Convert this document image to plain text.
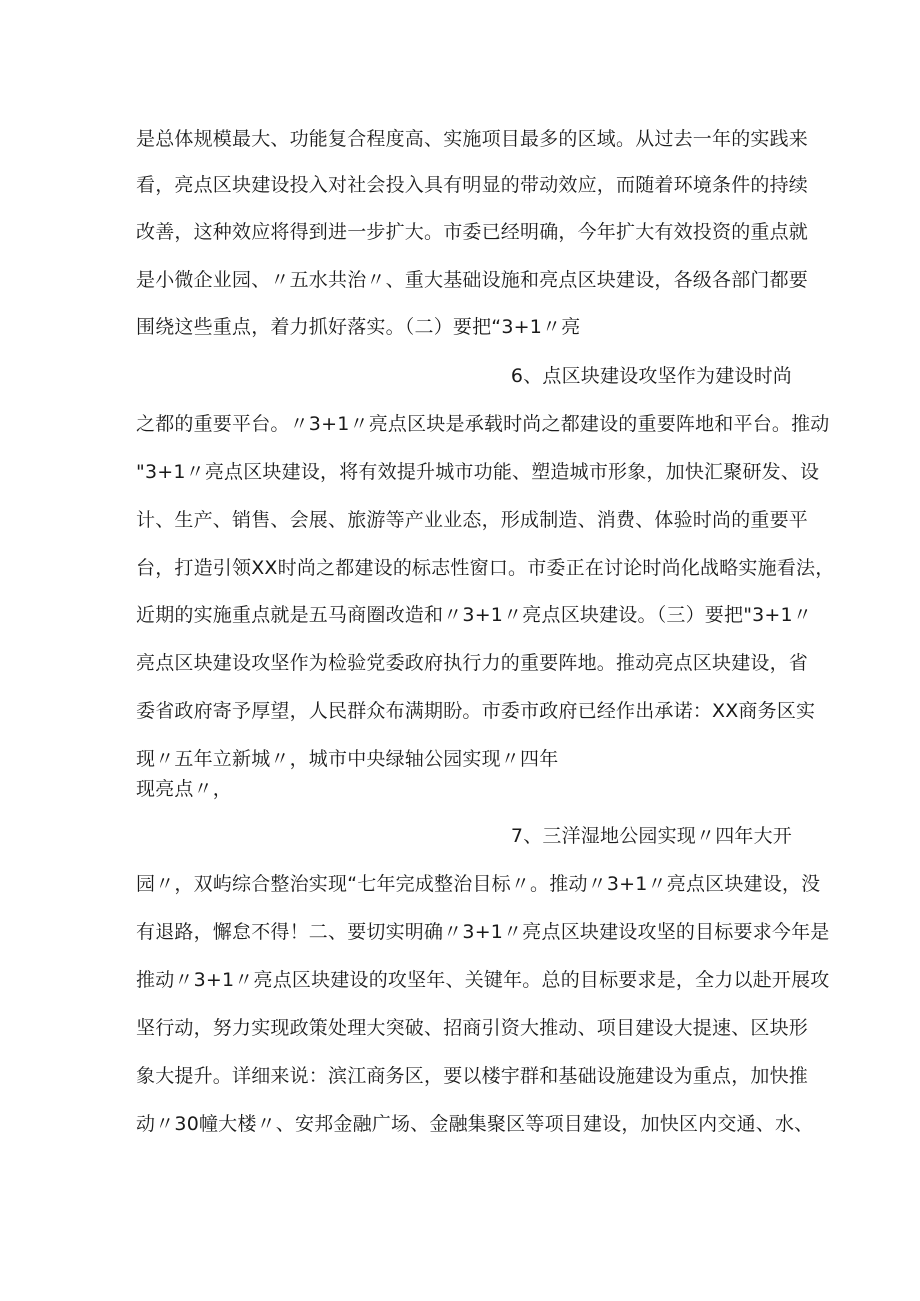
是总体规模最大、功能复合程度高、实施项目最多的区域。从过去一年的实践来
看，亮点区块建设投入对社会投入具有明显的带动效应，而随着环境条件的持续
改善，这种效应将得到进一步扩大。市委已经明确，今年扩大有效投资的重点就
是小微企业园、〃五水共治〃、重大基础设施和亮点区块建设，各级各部门都要
围绕这些重点，着力抓好落实。（二）要把“3+1〃亮
6、点区块建设攻坚作为建设时尚
之都的重要平台。〃3+1〃亮点区块是承载时尚之都建设的重要阵地和平台。推动
"3+1〃亮点区块建设，将有效提升城市功能、塑造城市形象，加快汇聚研发、设
计、生产、销售、会展、旅游等产业业态，形成制造、消费、体验时尚的重要平
台，打造引领XX时尚之都建设的标志性窗口。市委正在讨论时尚化战略实施看法，
近期的实施重点就是五马商圈改造和〃3+1〃亮点区块建设。（三）要把"3+1〃
亮点区块建设攻坚作为检验党委政府执行力的重要阵地。推动亮点区块建设，省
委省政府寄予厚望，人民群众布满期盼。市委市政府已经作出承诺：XX商务区实
现〃五年立新城〃，城市中央绿轴公园实现〃四年
现亮点〃，
7、三洋湿地公园实现〃四年大开
园〃，双屿综合整治实现“七年完成整治目标〃。推动〃3+1〃亮点区块建设，没
有退路，懈怠不得！二、要切实明确〃3+1〃亮点区块建设攻坚的目标要求今年是
推动〃3+1〃亮点区块建设的攻坚年、关键年。总的目标要求是，全力以赴开展攻
坚行动，努力实现政策处理大突破、招商引资大推动、项目建设大提速、区块形
象大提升。详细来说：滨江商务区，要以楼宇群和基础设施建设为重点，加快推
动〃30幢大楼〃、安邦金融广场、金融集聚区等项目建设，加快区内交通、水、
